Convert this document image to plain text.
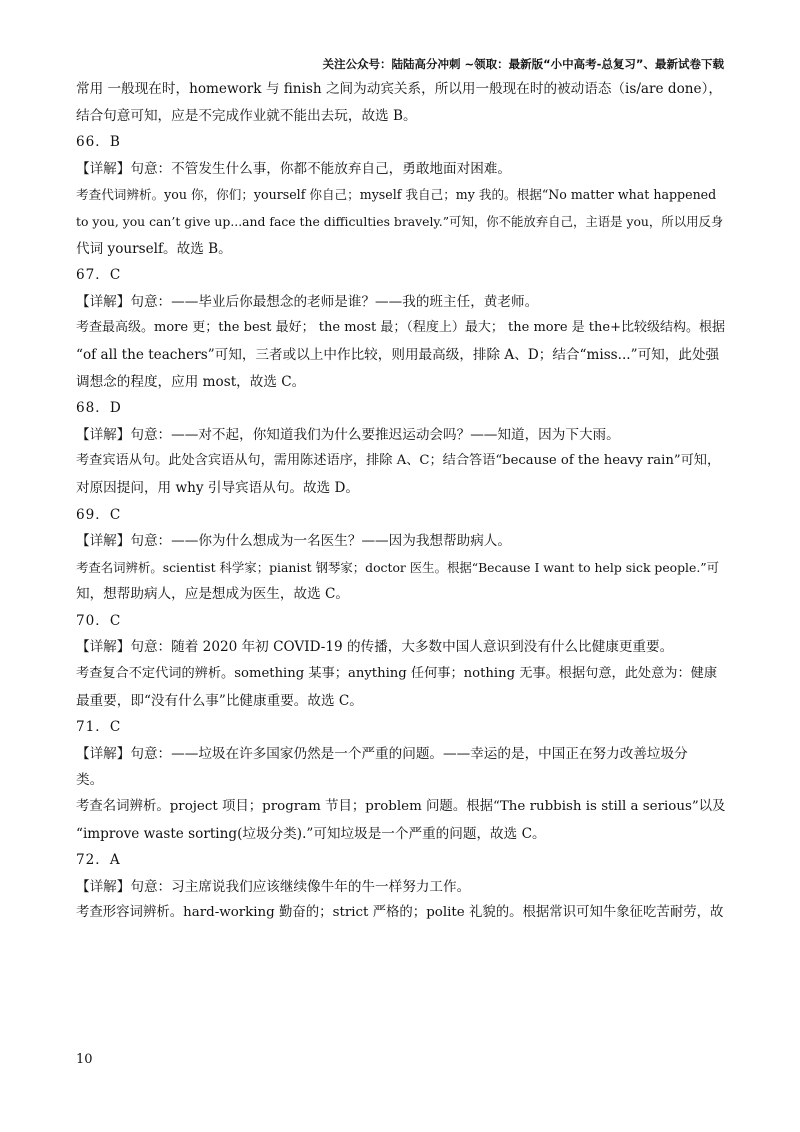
关注公众号：陆陆高分冲刺 ~领取：最新版“小中高考-总复习”、最新试卷下载

常用 一般现在时，homework 与 finish 之间为动宾关系，所以用一般现在时的被动语态（is/are done），

结合句意可知，应是不完成作业就不能出去玩，故选 B。

66．B

【详解】句意：不管发生什么事，你都不能放弃自己，勇敢地面对困难。

考查代词辨析。you 你，你们；yourself 你自己；myself 我自己；my 我的。根据“No matter what happened

to you, you can’t give up...and face the difficulties bravely.”可知，你不能放弃自己，主语是 you，所以用反身

代词 yourself。故选 B。

67．C

【详解】句意：——毕业后你最想念的老师是谁？——我的班主任，黄老师。

考查最高级。more 更；the best 最好； the most 最；（程度上）最大； the more 是 the+比较级结构。根据

“of all the teachers”可知，三者或以上中作比较，则用最高级，排除 A、D；结合“miss...”可知，此处强

调想念的程度，应用 most，故选 C。

68．D

【详解】句意：——对不起，你知道我们为什么要推迟运动会吗？——知道，因为下大雨。

考查宾语从句。此处含宾语从句，需用陈述语序，排除 A、C；结合答语“because of the heavy rain”可知，

对原因提问，用 why 引导宾语从句。故选 D。

69．C

【详解】句意：——你为什么想成为一名医生？——因为我想帮助病人。

考查名词辨析。scientist 科学家；pianist 钢琴家；doctor 医生。根据“Because I want to help sick people.”可

知，想帮助病人，应是想成为医生，故选 C。

70．C

【详解】句意：随着 2020 年初 COVID-19 的传播，大多数中国人意识到没有什么比健康更重要。

考查复合不定代词的辨析。something 某事；anything 任何事；nothing 无事。根据句意，此处意为：健康

最重要，即“没有什么事”比健康重要。故选 C。

71．C

【详解】句意：——垃圾在许多国家仍然是一个严重的问题。——幸运的是，中国正在努力改善垃圾分

类。

考查名词辨析。project 项目；program 节目；problem 问题。根据“The rubbish is still a serious”以及

“improve waste sorting(垃圾分类).”可知垃圾是一个严重的问题，故选 C。

72．A

【详解】句意：习主席说我们应该继续像牛年的牛一样努力工作。

考查形容词辨析。hard-working 勤奋的；strict 严格的；polite 礼貌的。根据常识可知牛象征吃苦耐劳，故

10
